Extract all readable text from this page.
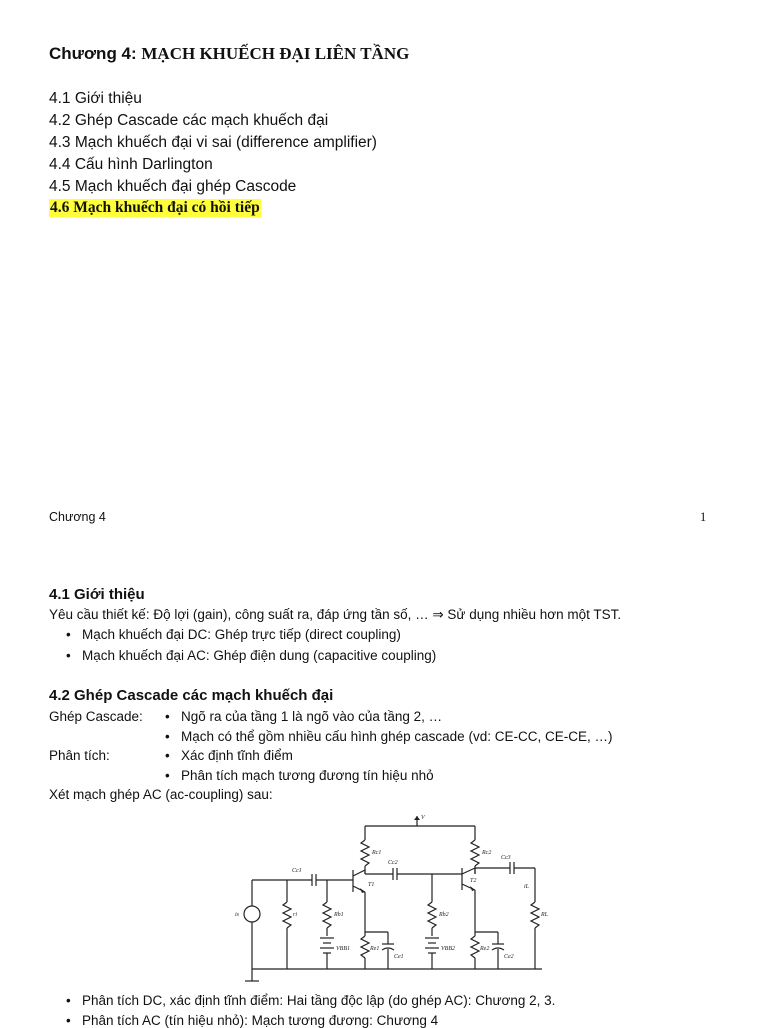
Chương 4: MẠCH KHUẾCH ĐẠI LIÊN TẦNG
4.1 Giới thiệu
4.2 Ghép Cascade các mạch khuếch đại
4.3 Mạch khuếch đại vi sai (difference amplifier)
4.4 Cấu hình Darlington
4.5 Mạch khuếch đại ghép Cascode
4.6 Mạch khuếch đại có hồi tiếp
Chương 4	1
4.1 Giới thiệu
Yêu cầu thiết kế: Độ lợi (gain), công suất ra, đáp ứng tần số, … ⇒ Sử dụng nhiều hơn một TST.
• Mạch khuếch đại DC: Ghép trực tiếp (direct coupling)
• Mạch khuếch đại AC: Ghép điện dung (capacitive coupling)
4.2 Ghép Cascade các mạch khuếch đại
Ghép Cascade:	• Ngõ ra của tầng 1 là ngõ vào của tầng 2, …
• Mạch có thể gồm nhiều cấu hình ghép cascade (vd: CE-CC, CE-CE, …)
Phân tích:	• Xác định tĩnh điểm
• Phân tích mạch tương đương tín hiệu nhỏ
Xét mạch ghép AC (ac-coupling) sau:
V
Rc1	Rc2
Cc1
Cc2
Cc3
T1
T2
Rb1	Rb2
ri	RL
Re1	Re2
Ce1	Ce2
VBB1	VBB2
iL
is
• Phân tích DC, xác định tĩnh điểm: Hai tầng độc lập (do ghép AC): Chương 2, 3.
• Phân tích AC (tín hiệu nhỏ): Mạch tương đương: Chương 4
